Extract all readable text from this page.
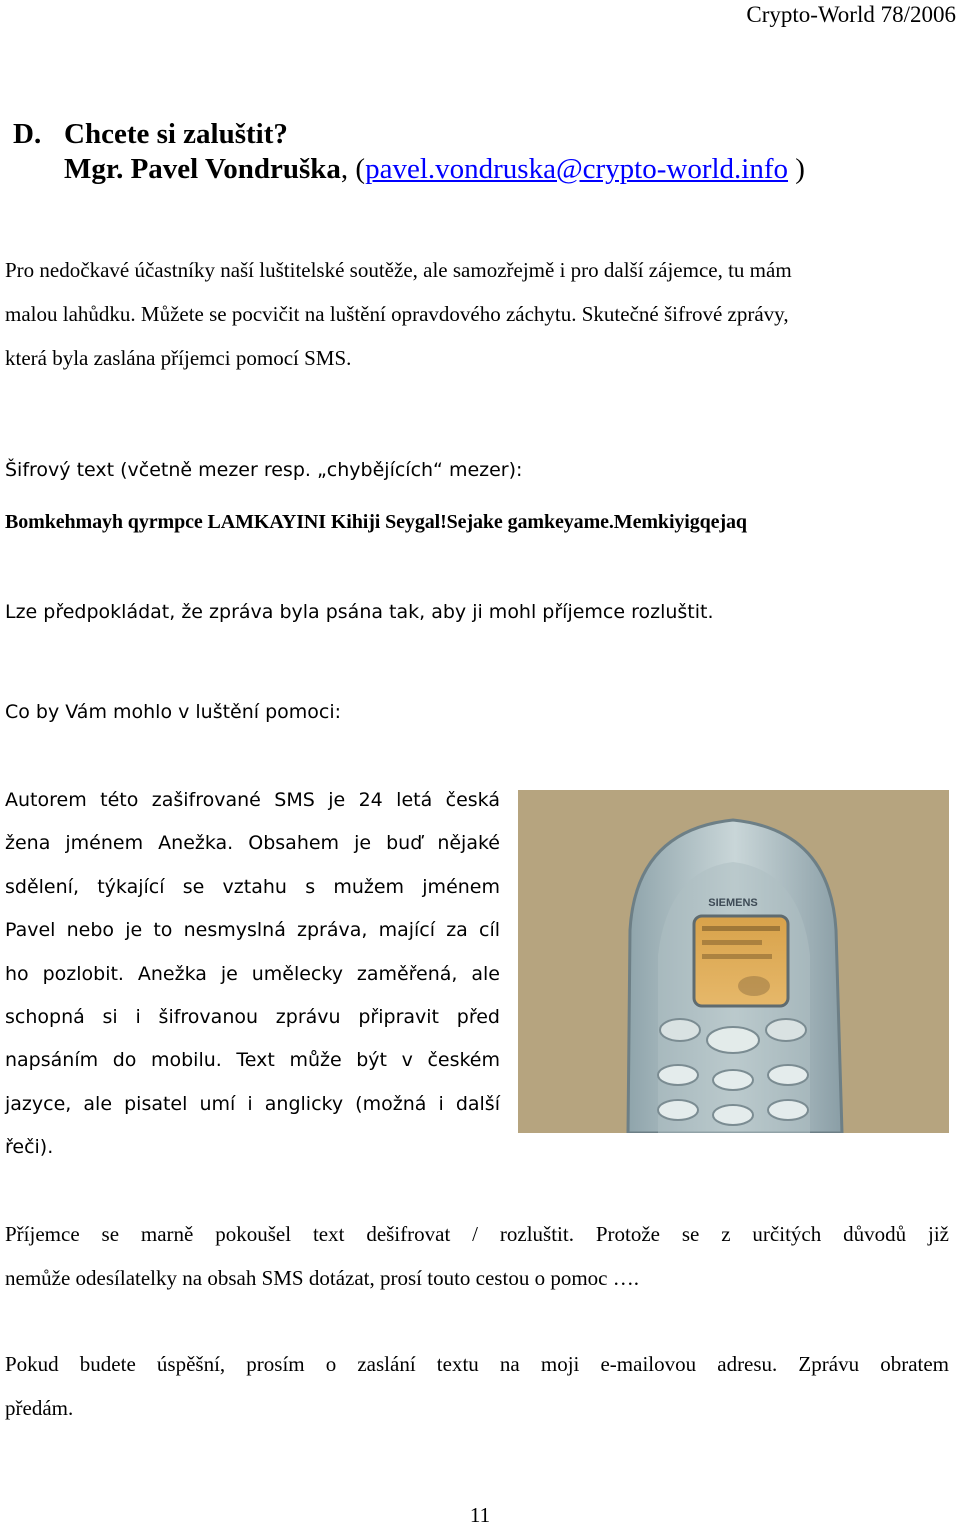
Crypto-World 78/2006
D. Chcete si zaluštit?
Mgr. Pavel Vondruška, (pavel.vondruska@crypto-world.info )
Pro nedočkavé účastníky naší luštitelské soutěže, ale samozřejmě i pro další zájemce, tu mám
malou lahůdku. Můžete se pocvičit na luštění opravdového záchytu. Skutečné šifrové zprávy,
která byla zaslána příjemci pomocí SMS.
Šifrový text (včetně mezer resp. „chybějících“ mezer):
Bomkehmayh qyrmpce LAMKAYINI Kihiji Seygal!Sejake gamkeyame.Memkiyigqejaq
Lze předpokládat, že zpráva byla psána tak, aby ji mohl příjemce rozluštit.
Co by Vám mohlo v luštění pomoci:
Autorem této zašifrované SMS je 24 letá česká
žena jménem Anežka. Obsahem je buď nějaké
sdělení, týkající se vztahu s mužem jménem
Pavel nebo je to nesmyslná zpráva, mající za cíl
ho pozlobit. Anežka je umělecky zaměřená, ale
schopná si i šifrovanou zprávu připravit před
napsáním do mobilu. Text může být v českém
jazyce, ale pisatel umí i anglicky (možná i další
řeči).
SIEMENS
Příjemce se marně pokoušel text dešifrovat / rozluštit. Protože se z určitých důvodů již
nemůže odesílatelky na obsah SMS dotázat, prosí touto cestou o pomoc ….
Pokud budete úspěšní, prosím o zaslání textu na moji e-mailovou adresu. Zprávu obratem
předám.
11
